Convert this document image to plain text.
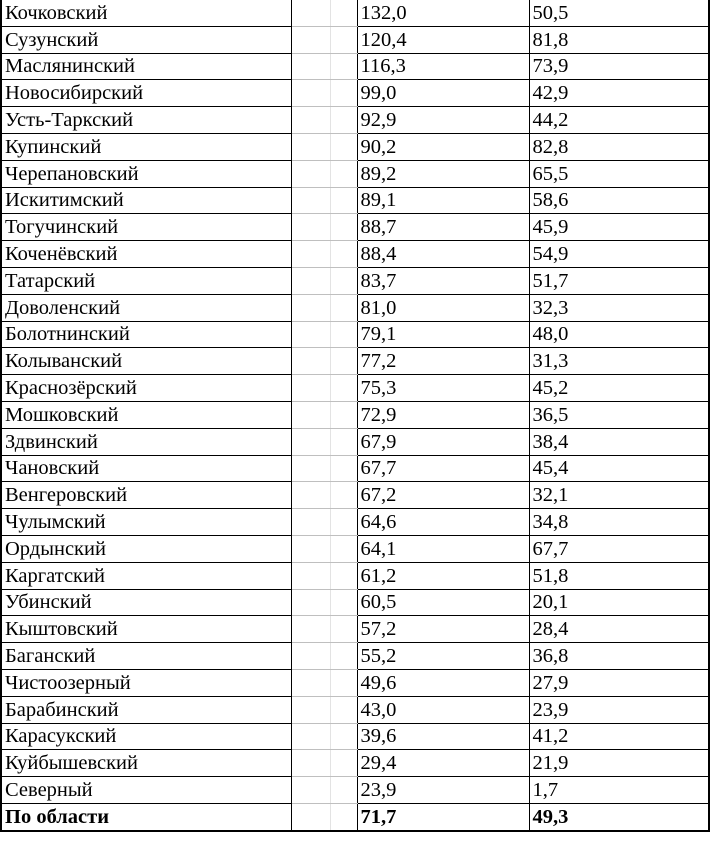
Кочковский		132,0	50,5
Сузунский		120,4	81,8
Маслянинский		116,3	73,9
Новосибирский		99,0	42,9
Усть-Таркский		92,9	44,2
Купинский		90,2	82,8
Черепановский		89,2	65,5
Искитимский		89,1	58,6
Тогучинский		88,7	45,9
Коченёвский		88,4	54,9
Татарский		83,7	51,7
Доволенский		81,0	32,3
Болотнинский		79,1	48,0
Колыванский		77,2	31,3
Краснозёрский		75,3	45,2
Мошковский		72,9	36,5
Здвинский		67,9	38,4
Чановский		67,7	45,4
Венгеровский		67,2	32,1
Чулымский		64,6	34,8
Ордынский		64,1	67,7
Каргатский		61,2	51,8
Убинский		60,5	20,1
Кыштовский		57,2	28,4
Баганский		55,2	36,8
Чистоозерный		49,6	27,9
Барабинский		43,0	23,9
Карасукский		39,6	41,2
Куйбышевский		29,4	21,9
Северный		23,9	1,7
По области		71,7	49,3
